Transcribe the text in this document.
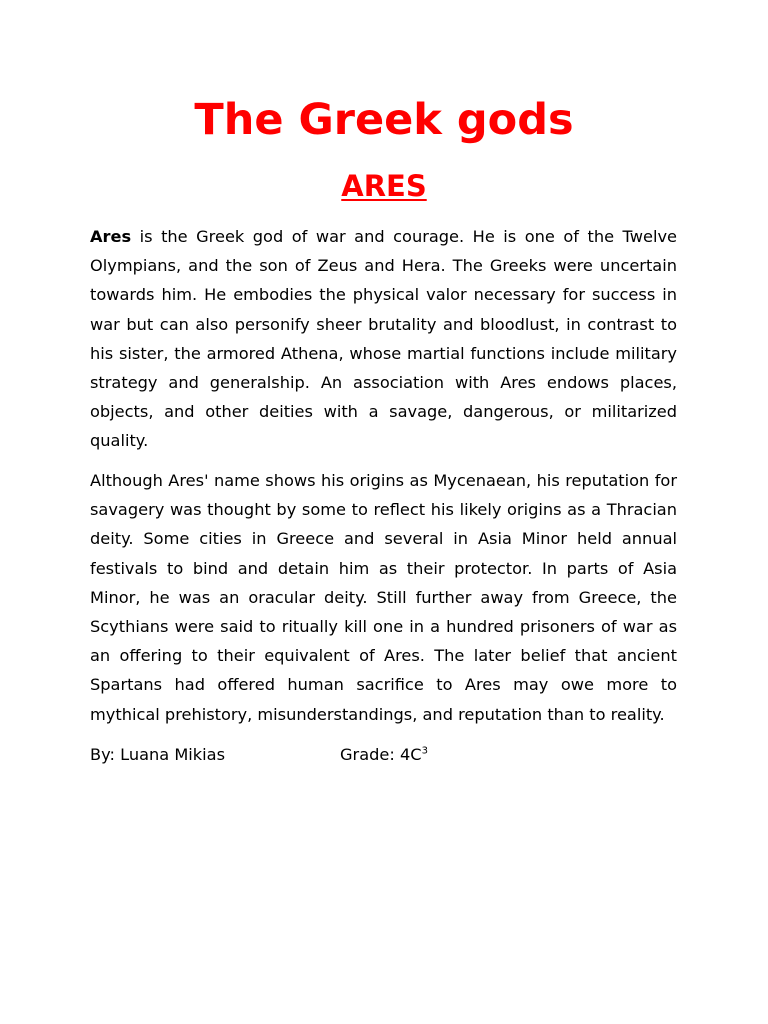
The Greek gods
ARES

Ares is the Greek god of war and courage. He is one of the Twelve Olympians, and the son of Zeus and Hera. The Greeks were uncertain towards him. He embodies the physical valor necessary for success in war but can also personify sheer brutality and bloodlust, in contrast to his sister, the armored Athena, whose martial functions include military strategy and generalship. An association with Ares endows places, objects, and other deities with a savage, dangerous, or militarized quality.

Although Ares' name shows his origins as Mycenaean, his reputation for savagery was thought by some to reflect his likely origins as a Thracian deity. Some cities in Greece and several in Asia Minor held annual festivals to bind and detain him as their protector. In parts of Asia Minor, he was an oracular deity. Still further away from Greece, the Scythians were said to ritually kill one in a hundred prisoners of war as an offering to their equivalent of Ares. The later belief that ancient Spartans had offered human sacrifice to Ares may owe more to mythical prehistory, misunderstandings, and reputation than to reality.

By: Luana Mikias	Grade: $4C^3$
